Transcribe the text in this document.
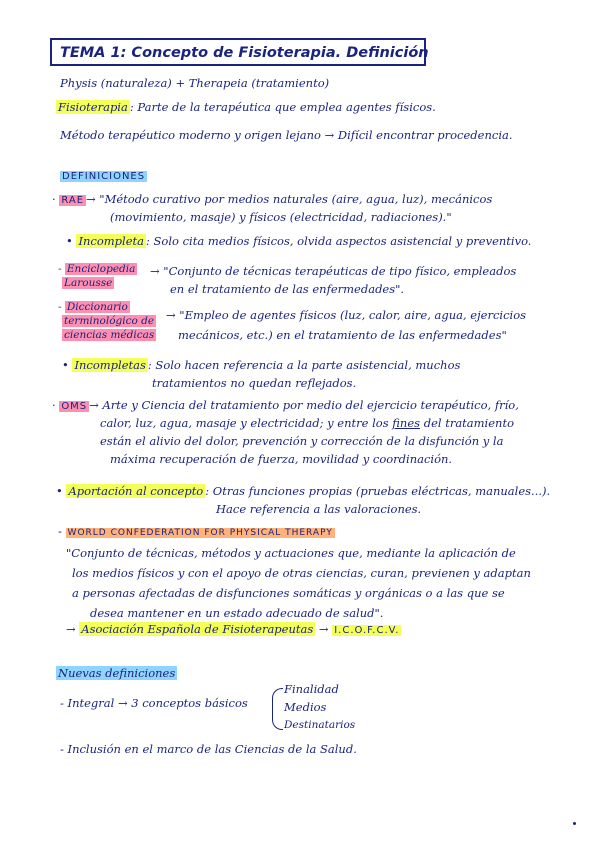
TEMA 1: Concepto de Fisioterapia. Definición
Physis (naturaleza) + Therapeia (tratamiento)
Fisioterapia : Parte de la terapéutica que emplea agentes físicos.
Método terapéutico moderno y origen lejano → Difícil encontrar procedencia.
DEFINICIONES
· RAE → "Método curativo por medios naturales (aire, agua, luz), mecánicos
(movimiento, masaje) y físicos (electricidad, radiaciones)."
• Incompleta : Solo cita medios físicos, olvida aspectos asistencial y preventivo.
- Enciclopedia
Larousse
→ "Conjunto de técnicas terapéuticas de tipo físico, empleados
en el tratamiento de las enfermedades".
- Diccionario
terminológico de
ciencias médicas
→ "Empleo de agentes físicos (luz, calor, aire, agua, ejercicios
mecánicos, etc.) en el tratamiento de las enfermedades"
• Incompletas : Solo hacen referencia a la parte asistencial, muchos
tratamientos no quedan reflejados.
· OMS → Arte y Ciencia del tratamiento por medio del ejercicio terapéutico, frío,
calor, luz, agua, masaje y electricidad; y entre los fines del tratamiento
están el alivio del dolor, prevención y corrección de la disfunción y la
máxima recuperación de fuerza, movilidad y coordinación.
• Aportación al concepto : Otras funciones propias (pruebas eléctricas, manuales...).
Hace referencia a las valoraciones.
- WORLD CONFEDERATION FOR PHYSICAL THERAPY
"Conjunto de técnicas, métodos y actuaciones que, mediante la aplicación de
los medios físicos y con el apoyo de otras ciencias, curan, previenen y adaptan
a personas afectadas de disfunciones somáticas y orgánicas o a las que se
desea mantener en un estado adecuado de salud".
→ Asociación Española de Fisioterapeutas → I.C.O.F.C.V.
Nuevas definiciones
- Integral → 3 conceptos básicos
Finalidad
Medios
Destinatarios
- Inclusión en el marco de las Ciencias de la Salud.
